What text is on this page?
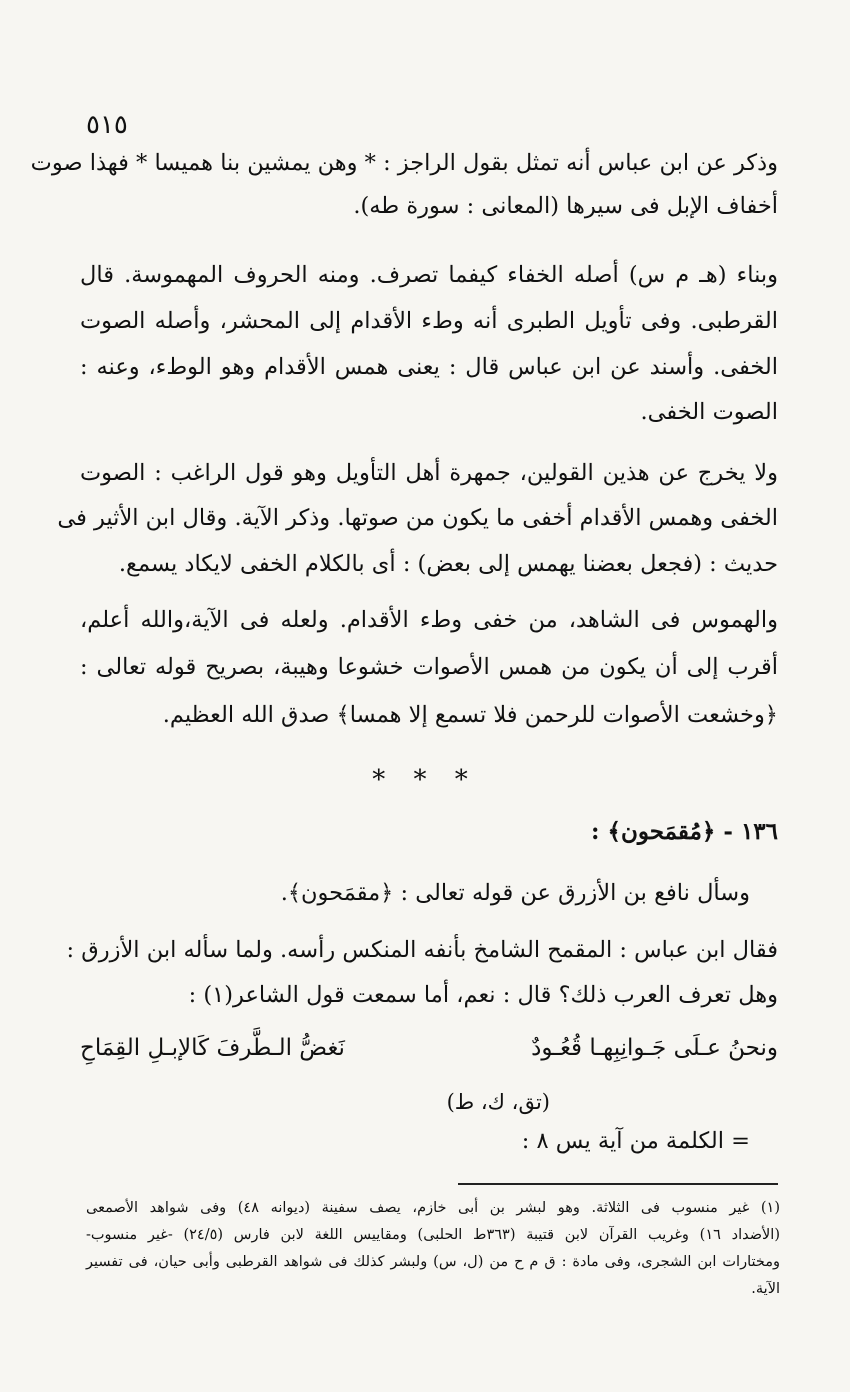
٥١٥
وذكر عن ابن عباس أنه تمثل بقول الراجز : * وهن يمشين بنا هميسا * فهذا صوت
أخفاف الإبل فى سيرها (المعانى : سورة طه).
وبناء (هـ م س) أصله الخفاء كيفما تصرف. ومنه الحروف المهموسة. قال
القرطبى. وفى تأويل الطبرى أنه وطء الأقدام إلى المحشر، وأصله الصوت
الخفى. وأسند عن ابن عباس قال : يعنى همس الأقدام وهو الوطء، وعنه :
الصوت الخفى.
ولا يخرج عن هذين القولين، جمهرة أهل التأويل وهو قول الراغب : الصوت
الخفى وهمس الأقدام أخفى ما يكون من صوتها. وذكر الآية. وقال ابن الأثير فى
حديث : (فجعل بعضنا يهمس إلى بعض) : أى بالكلام الخفى لايكاد يسمع.
والهموس فى الشاهد، من خفى وطء الأقدام. ولعله فى الآية،والله أعلم،
أقرب إلى أن يكون من همس الأصوات خشوعا وهيبة، بصريح قوله تعالى :
﴿وخشعت الأصوات للرحمن فلا تسمع إلا همسا﴾ صدق الله العظيم.
* * *
١٣٦ - ﴿مُقمَحون﴾ :
وسأل نافع بن الأزرق عن قوله تعالى : ﴿مقمَحون﴾.
فقال ابن عباس : المقمح الشامخ بأنفه المنكس رأسه. ولما سأله ابن الأزرق :
وهل تعرف العرب ذلك؟ قال : نعم، أما سمعت قول الشاعر(١) :
ونحنُ عـلَى جَـوانِبِهـا قُعُـودٌ
نَغضُّ الـطَّرفَ كَالإبـلِ القِمَاحِ
(تق، ك، ط)
= الكلمة من آية يس ٨ :
(١) غير منسوب فى الثلاثة. وهو لبشر بن أبى خازم، يصف سفينة (ديوانه ٤٨) وفى شواهد الأصمعى
(الأضداد ١٦) وغريب القرآن لابن قتيبة (٣٦٣ط الحلبى) ومقاييس اللغة لابن فارس (٢٤/٥) -غير منسوب-
ومختارات ابن الشجرى، وفى مادة : ق م ح من (ل، س) ولبشر كذلك فى شواهد القرطبى وأبى حيان، فى تفسير
الآية.
